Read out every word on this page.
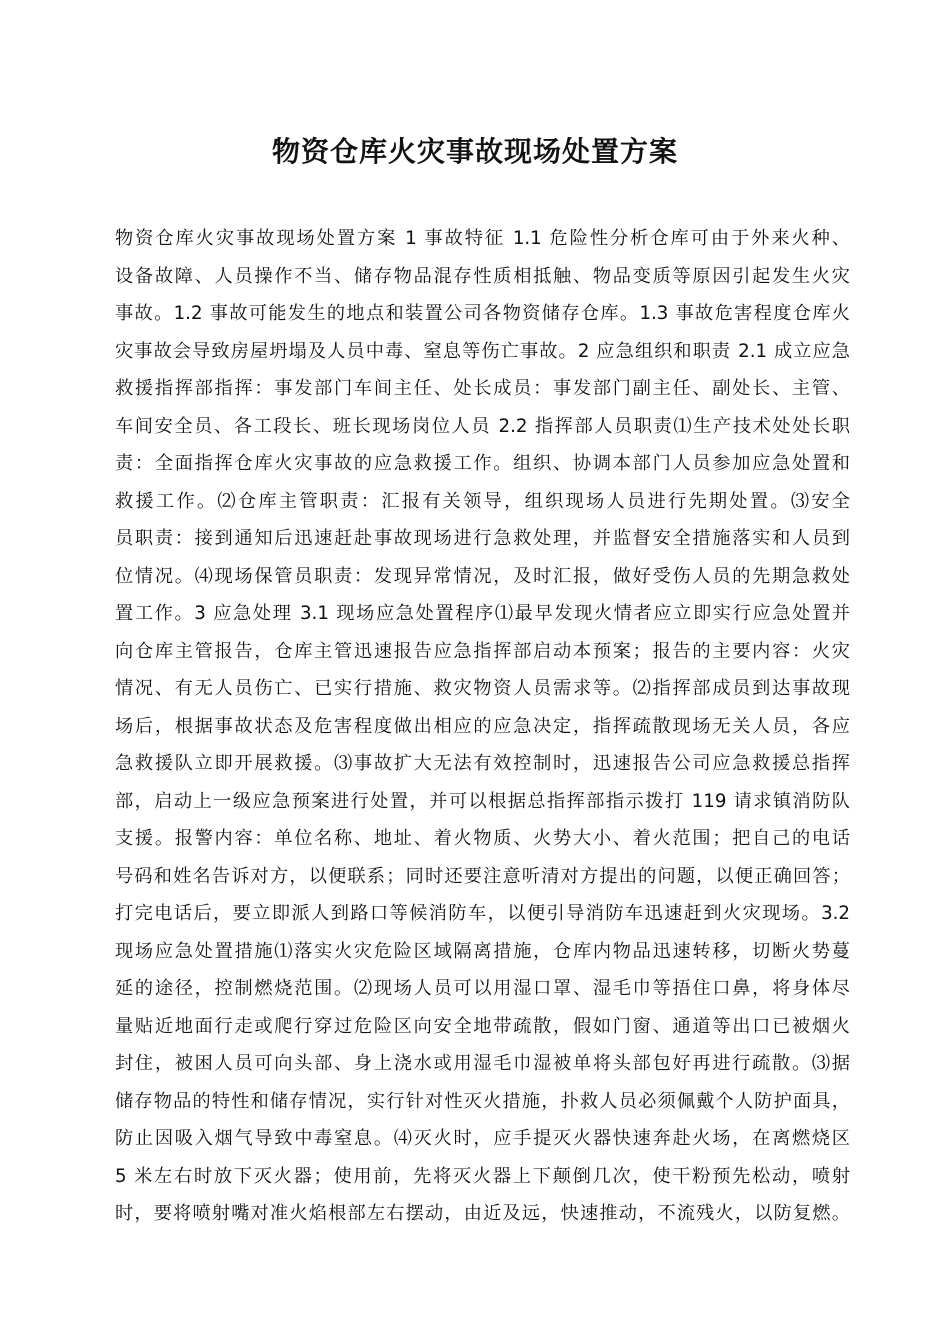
物资仓库火灾事故现场处置方案
物资仓库火灾事故现场处置方案 1 事故特征 1.1 危险性分析仓库可由于外来火种、
设备故障、人员操作不当、储存物品混存性质相抵触、物品变质等原因引起发生火灾
事故。1.2 事故可能发生的地点和装置公司各物资储存仓库。1.3 事故危害程度仓库火
灾事故会导致房屋坍塌及人员中毒、窒息等伤亡事故。2 应急组织和职责 2.1 成立应急
救援指挥部指挥：事发部门车间主任、处长成员：事发部门副主任、副处长、主管、
车间安全员、各工段长、班长现场岗位人员 2.2 指挥部人员职责⑴生产技术处处长职
责：全面指挥仓库火灾事故的应急救援工作。组织、协调本部门人员参加应急处置和
救援工作。⑵仓库主管职责：汇报有关领导，组织现场人员进行先期处置。⑶安全
员职责：接到通知后迅速赶赴事故现场进行急救处理，并监督安全措施落实和人员到
位情况。⑷现场保管员职责：发现异常情况，及时汇报，做好受伤人员的先期急救处
置工作。3 应急处理 3.1 现场应急处置程序⑴最早发现火情者应立即实行应急处置并
向仓库主管报告，仓库主管迅速报告应急指挥部启动本预案；报告的主要内容：火灾
情况、有无人员伤亡、已实行措施、救灾物资人员需求等。⑵指挥部成员到达事故现
场后，根据事故状态及危害程度做出相应的应急决定，指挥疏散现场无关人员，各应
急救援队立即开展救援。⑶事故扩大无法有效控制时，迅速报告公司应急救援总指挥
部，启动上一级应急预案进行处置，并可以根据总指挥部指示拨打 119 请求镇消防队
支援。报警内容：单位名称、地址、着火物质、火势大小、着火范围；把自己的电话
号码和姓名告诉对方，以便联系；同时还要注意听清对方提出的问题，以便正确回答；
打完电话后，要立即派人到路口等候消防车，以便引导消防车迅速赶到火灾现场。3.2
现场应急处置措施⑴落实火灾危险区域隔离措施，仓库内物品迅速转移，切断火势蔓
延的途径，控制燃烧范围。⑵现场人员可以用湿口罩、湿毛巾等捂住口鼻，将身体尽
量贴近地面行走或爬行穿过危险区向安全地带疏散，假如门窗、通道等出口已被烟火
封住，被困人员可向头部、身上浇水或用湿毛巾湿被单将头部包好再进行疏散。⑶据
储存物品的特性和储存情况，实行针对性灭火措施，扑救人员必须佩戴个人防护面具，
防止因吸入烟气导致中毒窒息。⑷灭火时，应手提灭火器快速奔赴火场，在离燃烧区
5 米左右时放下灭火器；使用前，先将灭火器上下颠倒几次，使干粉预先松动，喷射
时，要将喷射嘴对准火焰根部左右摆动，由近及远，快速推动，不流残火，以防复燃。
